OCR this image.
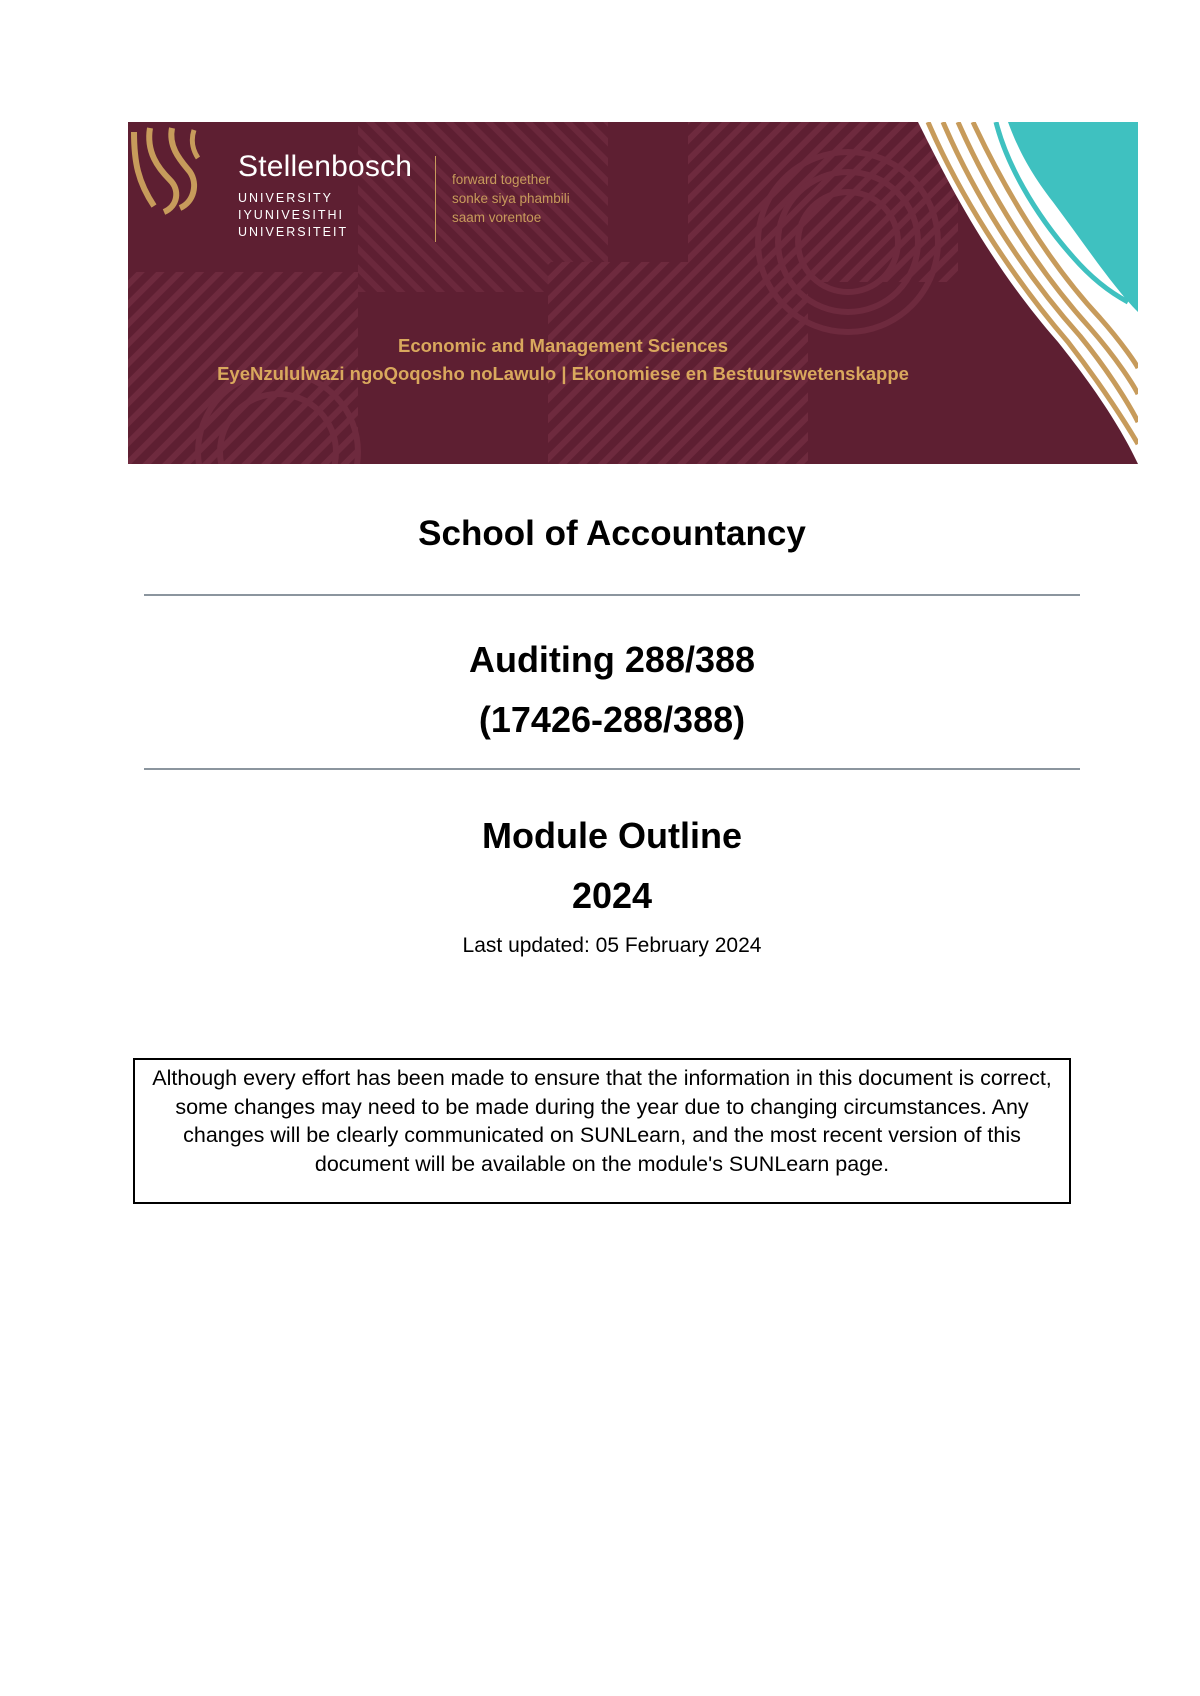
Stellenbosch
UNIVERSITY
IYUNIVESITHI
UNIVERSITEIT
forward together
sonke siya phambili
saam vorentoe
Economic and Management Sciences
EyeNzululwazi ngoQoqosho noLawulo | Ekonomiese en Bestuurswetenskappe
School of Accountancy
Auditing 288/388
(17426-288/388)
Module Outline
2024
Last updated: 05 February 2024
Although every effort has been made to ensure that the information in this document is correct, some changes may need to be made during the year due to changing circumstances. Any changes will be clearly communicated on SUNLearn, and the most recent version of this document will be available on the module's SUNLearn page.
